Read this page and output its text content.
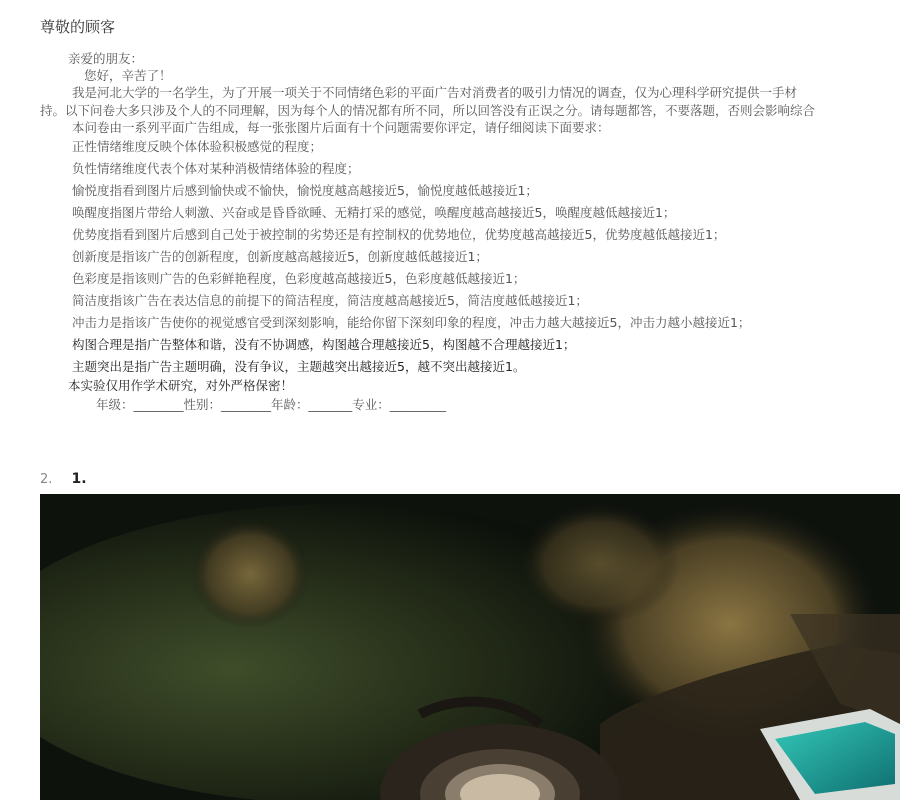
尊敬的顾客
亲爱的朋友：
您好，辛苦了！
我是河北大学的一名学生，为了开展一项关于不同情绪色彩的平面广告对消费者的吸引力情况的调查，仅为心理科学研究提供一手材
持。以下问卷大多只涉及个人的不同理解，因为每个人的情况都有所不同，所以回答没有正误之分。请每题都答，不要落题，否则会影响综合
本问卷由一系列平面广告组成，每一张张图片后面有十个问题需要你评定，请仔细阅读下面要求：
正性情绪维度反映个体体验积极感觉的程度；
负性情绪维度代表个体对某种消极情绪体验的程度；
愉悦度指看到图片后感到愉快或不愉快，愉悦度越高越接近5，愉悦度越低越接近1；
唤醒度指图片带给人刺激、兴奋或是昏昏欲睡、无精打采的感觉，唤醒度越高越接近5，唤醒度越低越接近1；
优势度指看到图片后感到自己处于被控制的劣势还是有控制权的优势地位，优势度越高越接近5，优势度越低越接近1；
创新度是指该广告的创新程度，创新度越高越接近5，创新度越低越接近1；
色彩度是指该则广告的色彩鲜艳程度，色彩度越高越接近5，色彩度越低越接近1；
简洁度指该广告在表达信息的前提下的简洁程度，简洁度越高越接近5，简洁度越低越接近1；
冲击力是指该广告使你的视觉感官受到深刻影响，能给你留下深刻印象的程度，冲击力越大越接近5，冲击力越小越接近1；
构图合理是指广告整体和谐，没有不协调感，构图越合理越接近5，构图越不合理越接近1；
主题突出是指广告主题明确，没有争议，主题越突出越接近5，越不突出越接近1。
本实验仅用作学术研究，对外严格保密！
年级：________性别：________年龄：_______专业：_________
2. 1.
